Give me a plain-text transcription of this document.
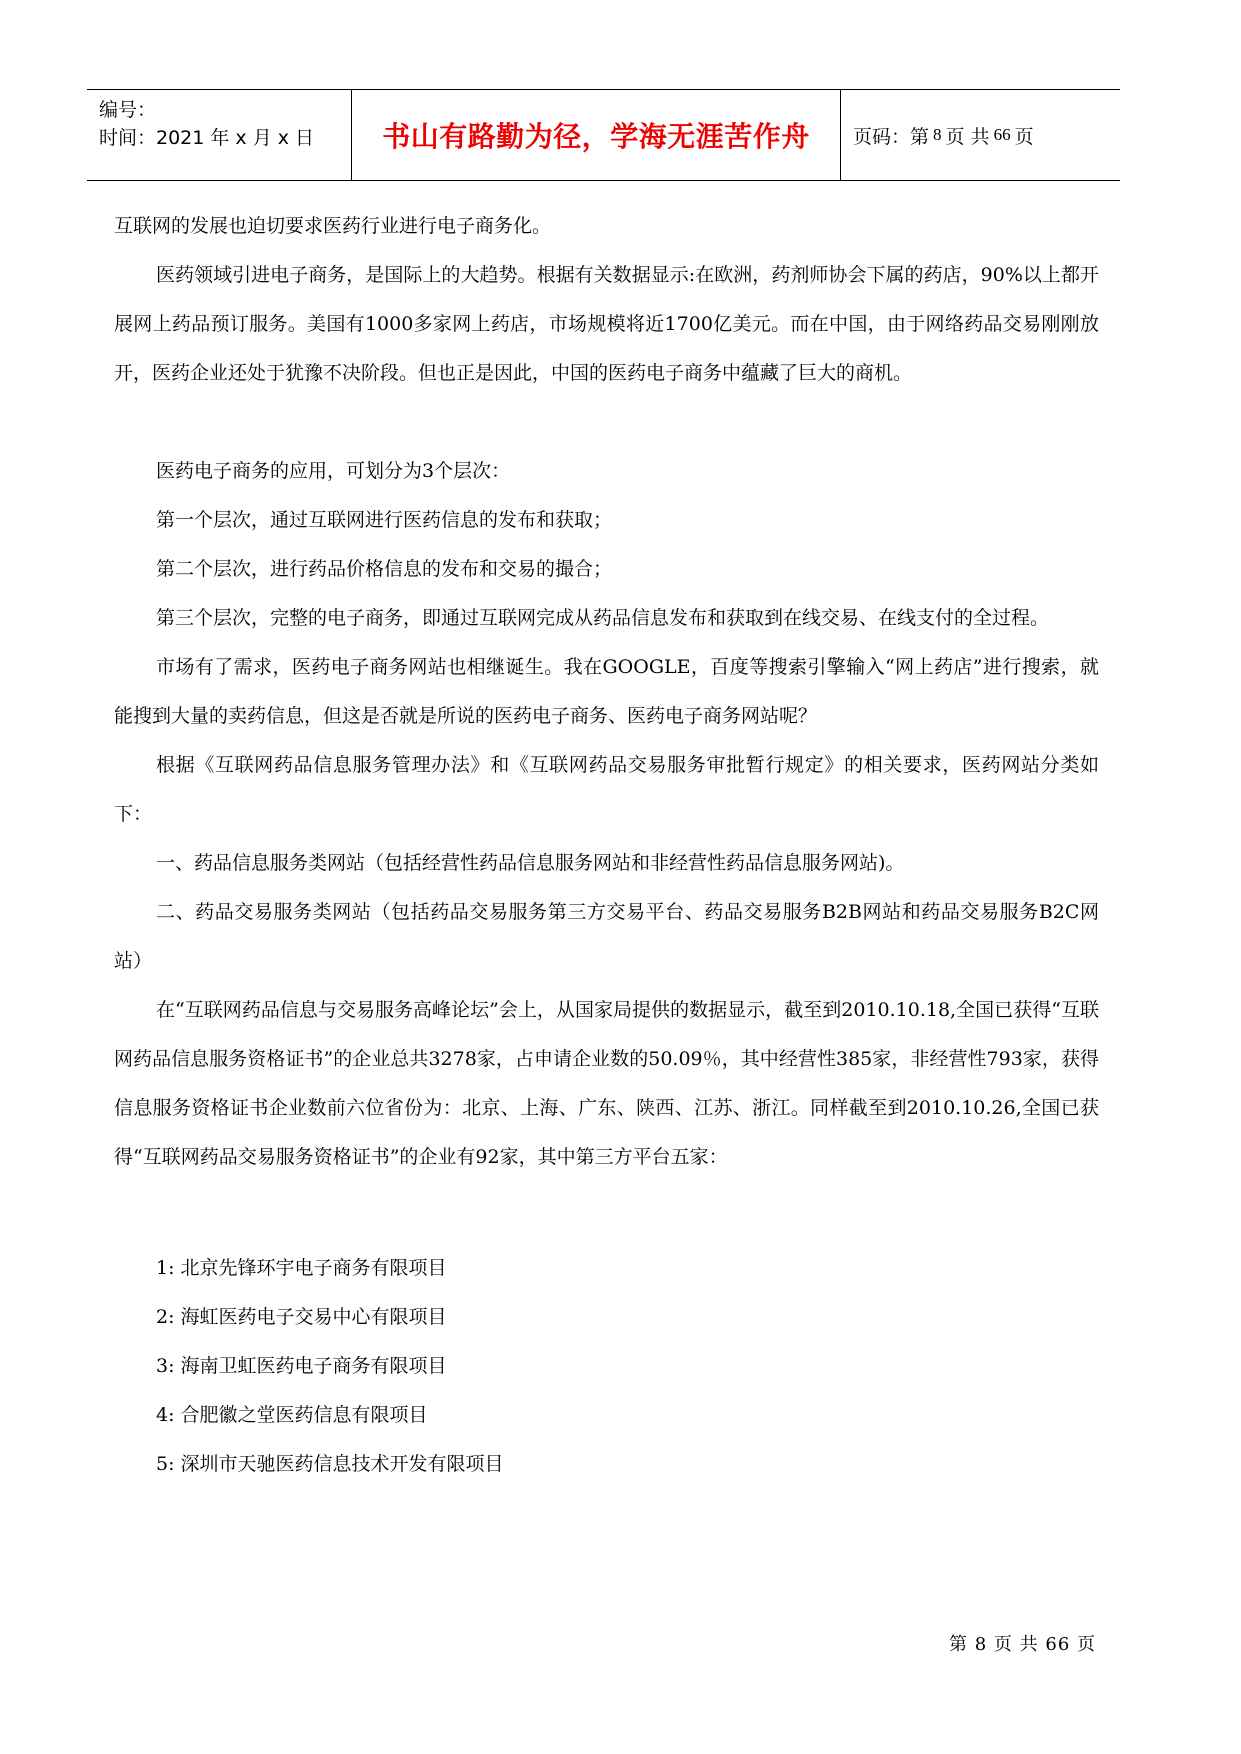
编号：
时间：2021 年 x 月 x 日	书山有路勤为径，学海无涯苦作舟	页码：第 8 页 共 66 页

互联网的发展也迫切要求医药行业进行电子商务化。

医药领域引进电子商务，是国际上的大趋势。根据有关数据显示:在欧洲，药剂师协会下属的药店，90%以上都开展网上药品预订服务。美国有1000多家网上药店，市场规模将近1700亿美元。而在中国，由于网络药品交易刚刚放开，医药企业还处于犹豫不决阶段。但也正是因此，中国的医药电子商务中蕴藏了巨大的商机。

医药电子商务的应用，可划分为3个层次：

第一个层次，通过互联网进行医药信息的发布和获取；

第二个层次，进行药品价格信息的发布和交易的撮合；

第三个层次，完整的电子商务，即通过互联网完成从药品信息发布和获取到在线交易、在线支付的全过程。

市场有了需求，医药电子商务网站也相继诞生。我在GOOGLE，百度等搜索引擎输入“网上药店”进行搜索，就能搜到大量的卖药信息，但这是否就是所说的医药电子商务、医药电子商务网站呢？

根据《互联网药品信息服务管理办法》和《互联网药品交易服务审批暂行规定》的相关要求，医药网站分类如下：

一、药品信息服务类网站（包括经营性药品信息服务网站和非经营性药品信息服务网站)。

二、药品交易服务类网站（包括药品交易服务第三方交易平台、药品交易服务B2B网站和药品交易服务B2C网站）

在“互联网药品信息与交易服务高峰论坛”会上，从国家局提供的数据显示，截至到2010.10.18,全国已获得“互联网药品信息服务资格证书”的企业总共3278家，占申请企业数的50.09％，其中经营性385家，非经营性793家，获得信息服务资格证书企业数前六位省份为：北京、上海、广东、陕西、江苏、浙江。同样截至到2010.10.26,全国已获得“互联网药品交易服务资格证书”的企业有92家，其中第三方平台五家：

1: 北京先锋环宇电子商务有限项目

2: 海虹医药电子交易中心有限项目

3: 海南卫虹医药电子商务有限项目

4: 合肥徽之堂医药信息有限项目

5: 深圳市天驰医药信息技术开发有限项目

第 8 页 共 66 页
